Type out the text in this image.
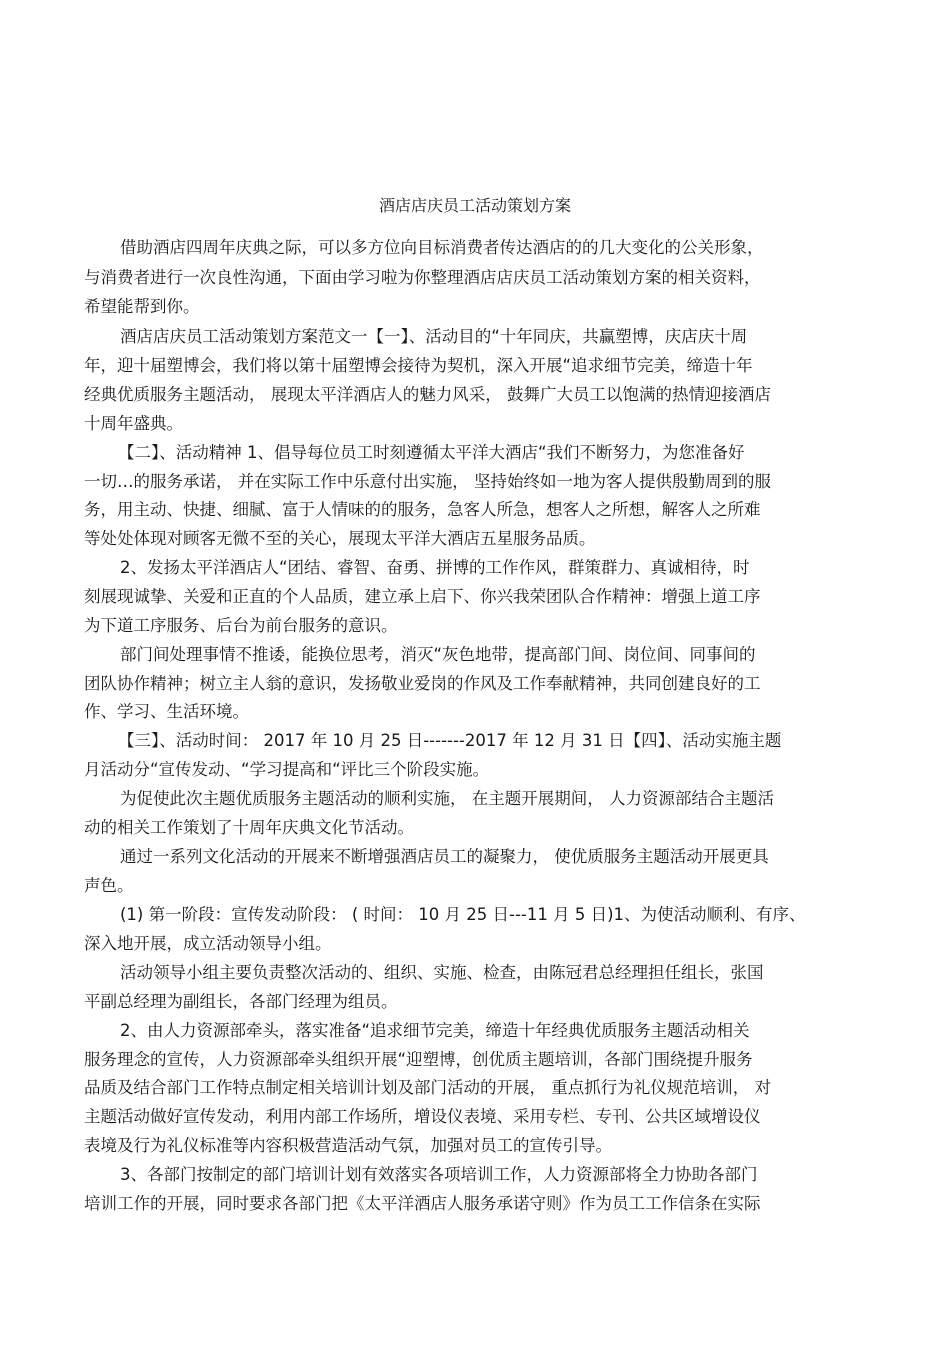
酒店店庆员工活动策划方案
借助酒店四周年庆典之际，可以多方位向目标消费者传达酒店的的几大变化的公关形象，
与消费者进行一次良性沟通，下面由学习啦为你整理酒店店庆员工活动策划方案的相关资料，
希望能帮到你。
酒店店庆员工活动策划方案范文一【一】、活动目的“十年同庆，共赢塑博，庆店庆十周
年，迎十届塑博会，我们将以第十届塑博会接待为契机，深入开展“追求细节完美，缔造十年
经典优质服务主题活动， 展现太平洋酒店人的魅力风采， 鼓舞广大员工以饱满的热情迎接酒店
十周年盛典。
【二】、活动精神 1、倡导每位员工时刻遵循太平洋大酒店“我们不断努力，为您准备好
一切…的服务承诺， 并在实际工作中乐意付出实施， 坚持始终如一地为客人提供殷勤周到的服
务，用主动、快捷、细腻、富于人情味的的服务，急客人所急，想客人之所想，解客人之所难
等处处体现对顾客无微不至的关心，展现太平洋大酒店五星服务品质。
2、发扬太平洋酒店人“团结、睿智、奋勇、拼博的工作作风，群策群力、真诚相待，时
刻展现诚挚、关爱和正直的个人品质，建立承上启下、你兴我荣团队合作精神：增强上道工序
为下道工序服务、后台为前台服务的意识。
部门间处理事情不推诿，能换位思考，消灭“灰色地带，提高部门间、岗位间、同事间的
团队协作精神；树立主人翁的意识，发扬敬业爱岗的作风及工作奉献精神，共同创建良好的工
作、学习、生活环境。
【三】、活动时间： 2017 年 10 月 25 日-------2017 年 12 月 31 日【四】、活动实施主题
月活动分“宣传发动、“学习提高和“评比三个阶段实施。
为促使此次主题优质服务主题活动的顺利实施， 在主题开展期间， 人力资源部结合主题活
动的相关工作策划了十周年庆典文化节活动。
通过一系列文化活动的开展来不断增强酒店员工的凝聚力， 使优质服务主题活动开展更具
声色。
(1) 第一阶段：宣传发动阶段： ( 时间： 10 月 25 日---11 月 5 日)1、为使活动顺利、有序、
深入地开展，成立活动领导小组。
活动领导小组主要负责整次活动的、组织、实施、检查，由陈冠君总经理担任组长，张国
平副总经理为副组长，各部门经理为组员。
2、由人力资源部牵头，落实准备“追求细节完美，缔造十年经典优质服务主题活动相关
服务理念的宣传，人力资源部牵头组织开展“迎塑博，创优质主题培训，各部门围绕提升服务
品质及结合部门工作特点制定相关培训计划及部门活动的开展， 重点抓行为礼仪规范培训， 对
主题活动做好宣传发动，利用内部工作场所，增设仪表境、采用专栏、专刊、公共区域增设仪
表境及行为礼仪标准等内容积极营造活动气氛，加强对员工的宣传引导。
3、各部门按制定的部门培训计划有效落实各项培训工作，人力资源部将全力协助各部门
培训工作的开展，同时要求各部门把《太平洋酒店人服务承诺守则》作为员工工作信条在实际
